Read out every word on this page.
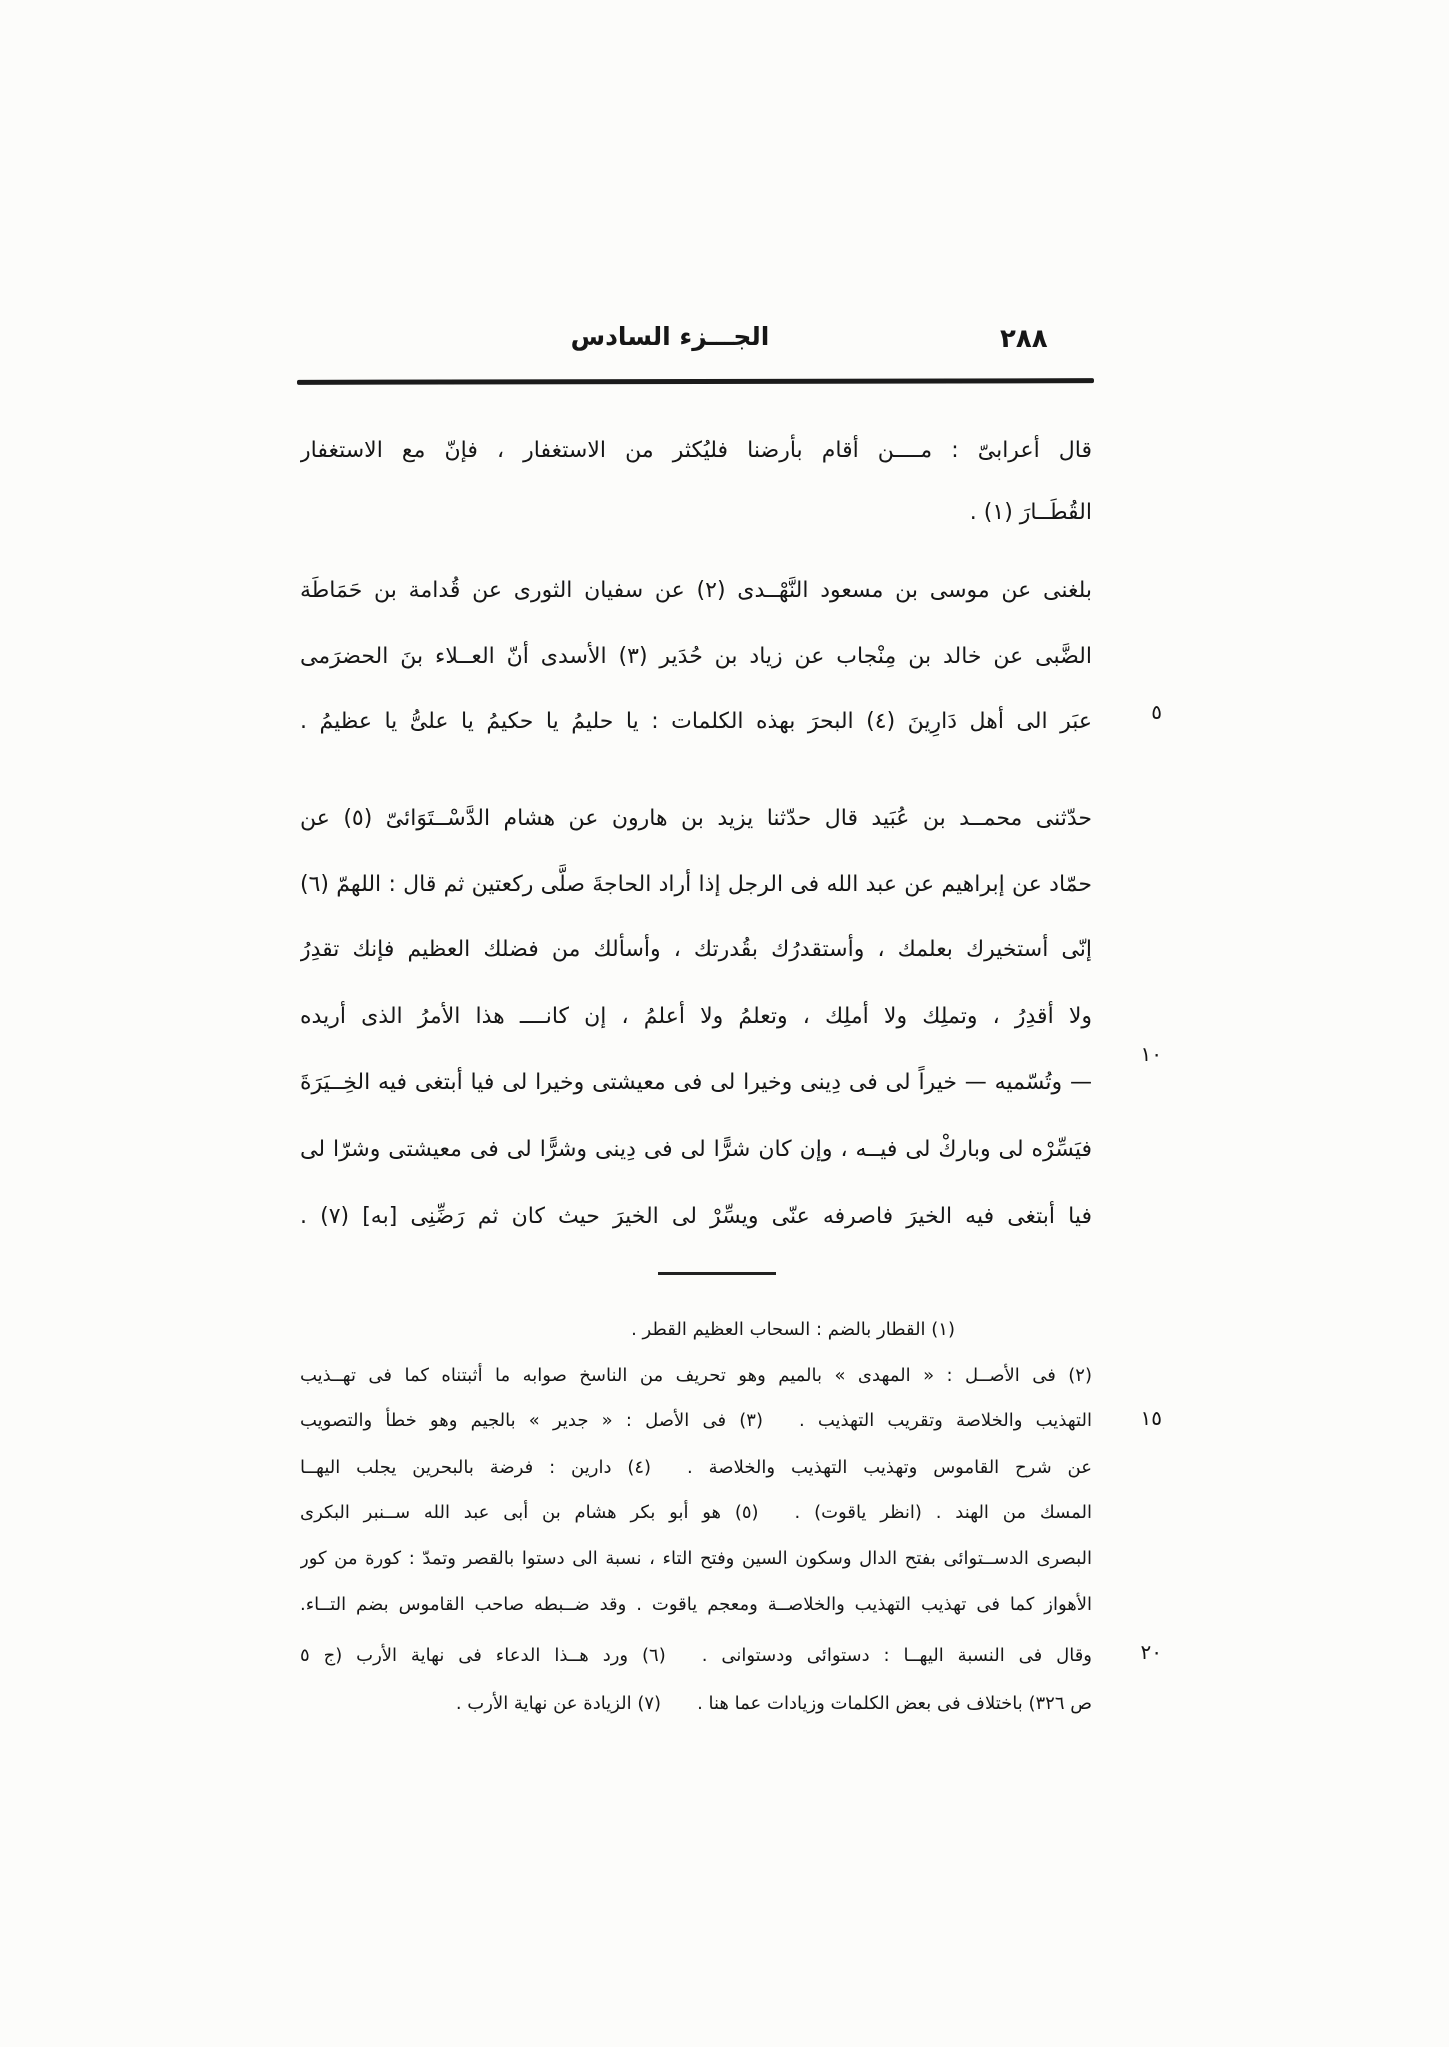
الجـــزء السادس	٢٨٨
قال أعرابىّ : مــــن أقام بأرضنا فليُكثر من الاستغفار ، فإنّ مع الاستغفار
القُطَــارَ (١) .
بلغنى عن موسى بن مسعود النَّهْــدى (٢) عن سفيان الثورى عن قُدامة بن حَمَاطَة
الضَّبى عن خالد بن مِنْجاب عن زياد بن حُدَير (٣) الأسدى أنّ العــلاء بنَ الحضرَمى
عبَر الى أهل دَارِينَ (٤) البحرَ بهذه الكلمات : يا حليمُ يا حكيمُ يا علىُّ يا عظيمُ .
حدّثنى محمــد بن عُبَيد قال حدّثنا يزيد بن هارون عن هشام الدَّسْــتَوَائىّ (٥) عن
حمّاد عن إبراهيم عن عبد الله فى الرجل إذا أراد الحاجةَ صلَّى ركعتين ثم قال : اللهمّ (٦)
إنّى أستخيرك بعلمك ، وأستقدرُك بقُدرتك ، وأسألك من فضلك العظيم فإنك تقدِرُ
ولا أقدِرُ ، وتملِك ولا أملِك ، وتعلمُ ولا أعلمُ ، إن كانــــ هذا الأمرُ الذى أريده
— وتُسّميه — خيراً لى فى دِينى وخيرا لى فى معيشتى وخيرا لى فيا أبتغى فيه الخِــيَرَةَ
فيَسِّرْه لى وباركْ لى فيــه ، وإن كان شرًّا لى فى دِينى وشرًّا لى فى معيشتى وشرّا لى
فيا أبتغى فيه الخيرَ فاصرفه عنّى ويسِّرْ لى الخيرَ حيث كان ثم رَضِّنِى [به] (٧) .
٥
١٠
١٥
٢٠
(١) القطار بالضم : السحاب العظيم القطر .
(٢) فى الأصــل : « المهدى » بالميم وهو تحريف من الناسخ صوابه ما أثبتناه كما فى تهــذيب
التهذيب والخلاصة وتقريب التهذيب .  (٣) فى الأصل : « جدير » بالجيم وهو خطأ والتصويب
عن شرح القاموس وتهذيب التهذيب والخلاصة .  (٤) دارين : فرضة بالبحرين يجلب اليهــا
المسك من الهند . (انظر ياقوت) .  (٥) هو أبو بكر هشام بن أبى عبد الله ســنبر البكرى
البصرى الدســتوائى بفتح الدال وسكون السين وفتح التاء ، نسبة الى دستوا بالقصر وتمدّ : كورة من كور
الأهواز كما فى تهذيب التهذيب والخلاصــة ومعجم ياقوت . وقد ضــبطه صاحب القاموس بضم التــاء.
وقال فى النسبة اليهــا : دستوائى ودستوانى .  (٦) ورد هــذا الدعاء فى نهاية الأرب (ج ٥
ص ٣٢٦) باختلاف فى بعض الكلمات وزيادات عما هنا .  (٧) الزيادة عن نهاية الأرب .
